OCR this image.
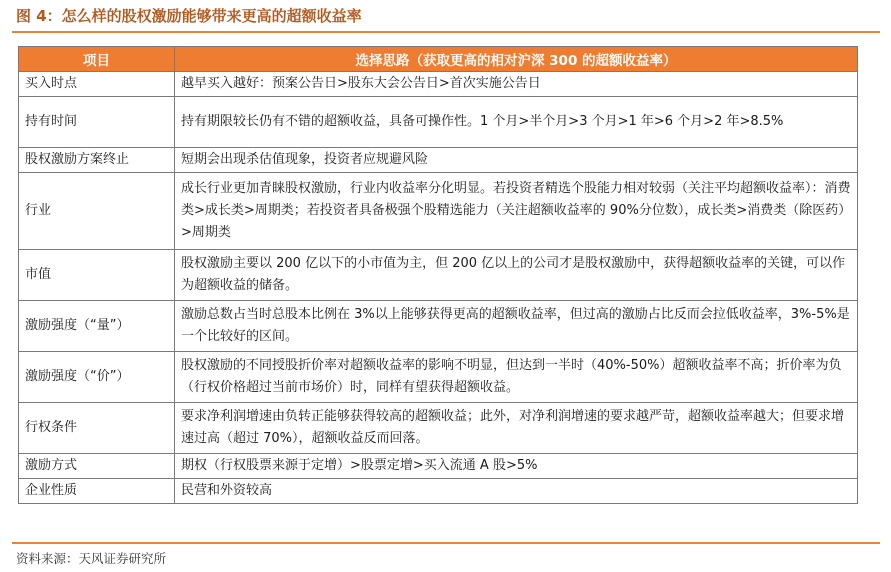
图 4：怎么样的股权激励能够带来更高的超额收益率
项目	选择思路（获取更高的相对沪深 300 的超额收益率）
买入时点	越早买入越好：预案公告日>股东大会公告日>首次实施公告日
持有时间	持有期限较长仍有不错的超额收益，具备可操作性。1 个月>半个月>3 个月>1 年>6 个月>2 年>8.5%
股权激励方案终止	短期会出现杀估值现象，投资者应规避风险
行业	成长行业更加青睐股权激励，行业内收益率分化明显。若投资者精选个股能力相对较弱（关注平均超额收益率）：消费类>成长类>周期类；若投资者具备极强个股精选能力（关注超额收益率的 90%分位数），成长类>消费类（除医药）>周期类
市值	股权激励主要以 200 亿以下的小市值为主，但 200 亿以上的公司才是股权激励中，获得超额收益率的关键，可以作为超额收益的储备。
激励强度（“量”）	激励总数占当时总股本比例在 3%以上能够获得更高的超额收益率，但过高的激励占比反而会拉低收益率，3%-5%是一个比较好的区间。
激励强度（“价”）	股权激励的不同授股折价率对超额收益率的影响不明显，但达到一半时（40%-50%）超额收益率不高；折价率为负（行权价格超过当前市场价）时，同样有望获得超额收益。
行权条件	要求净利润增速由负转正能够获得较高的超额收益；此外，对净利润增速的要求越严苛，超额收益率越大；但要求增速过高（超过 70%），超额收益反而回落。
激励方式	期权（行权股票来源于定增）>股票定增>买入流通 A 股>5%
企业性质	民营和外资较高
资料来源：天风证券研究所
